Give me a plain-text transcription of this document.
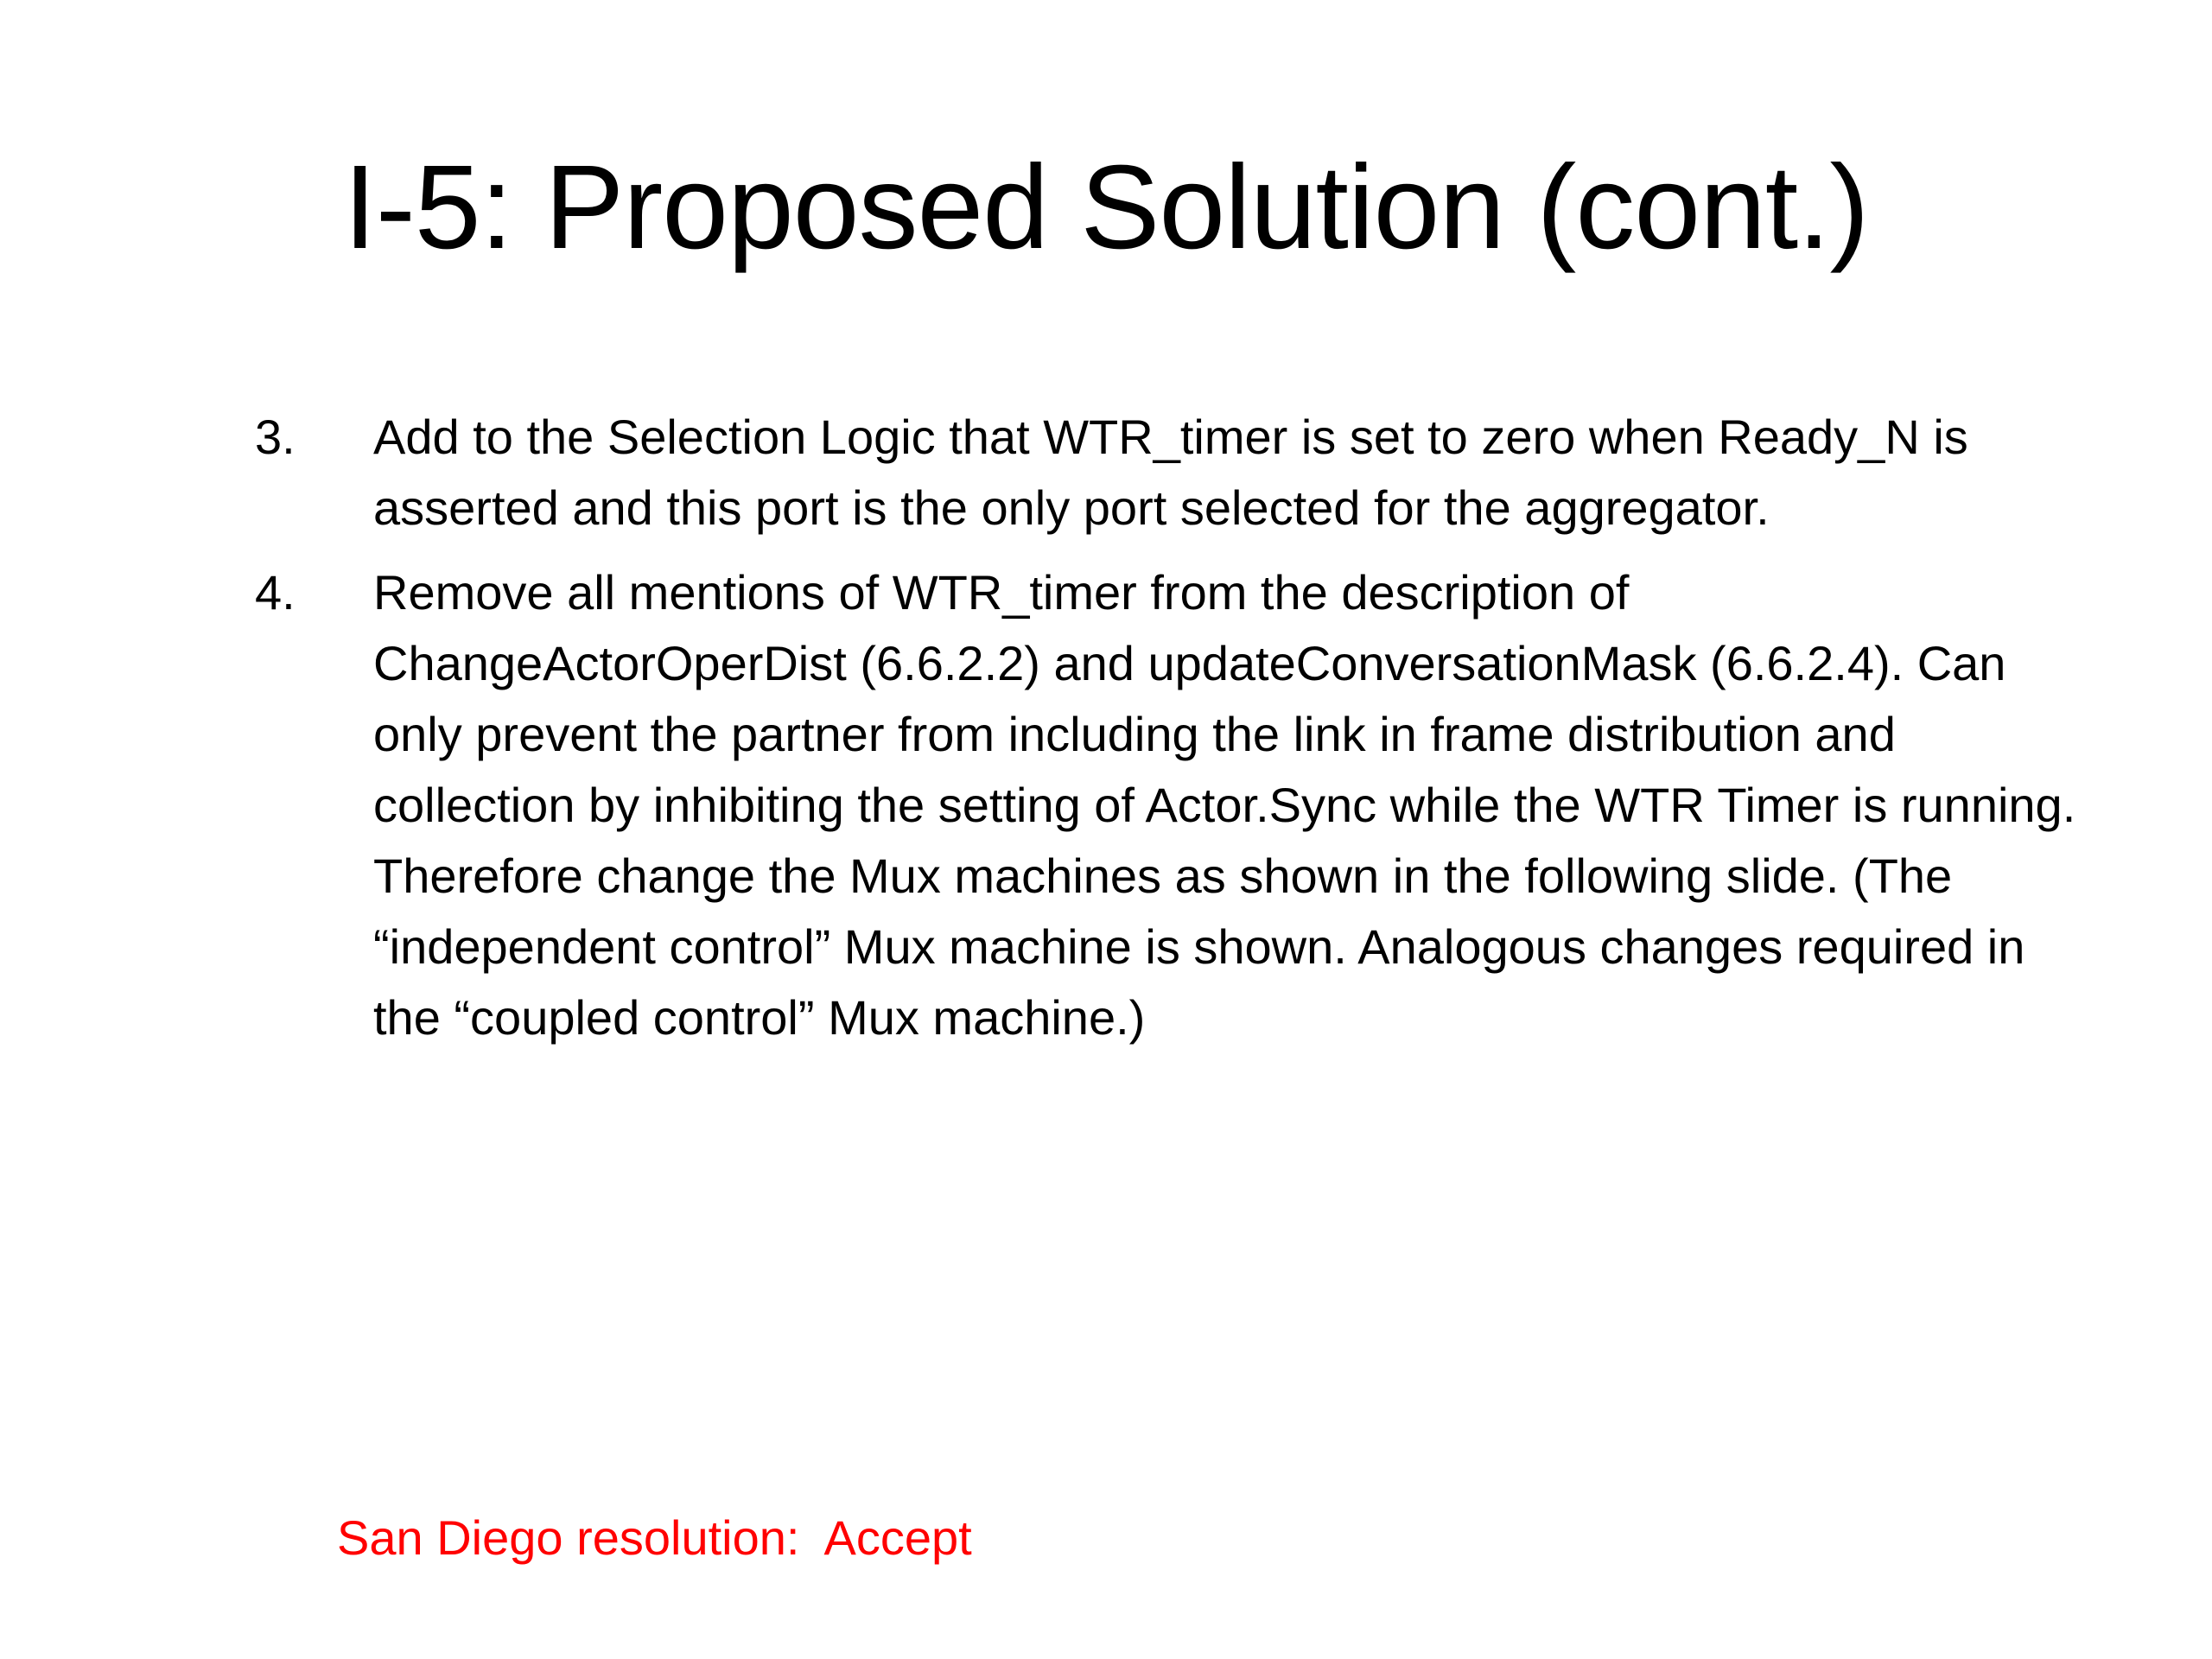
I-5: Proposed Solution (cont.)
3.	Add to the Selection Logic that WTR_timer is set to zero when Ready_N is asserted and this port is the only port selected for the aggregator.
4.	Remove all mentions of WTR_timer from the description of ChangeActorOperDist (6.6.2.2) and updateConversationMask (6.6.2.4). Can only prevent the partner from including the link in frame distribution and collection by inhibiting the setting of Actor.Sync while the WTR Timer is running. Therefore change the Mux machines as shown in the following slide. (The “independent control” Mux machine is shown. Analogous changes required in the “coupled control” Mux machine.)
San Diego resolution:  Accept
